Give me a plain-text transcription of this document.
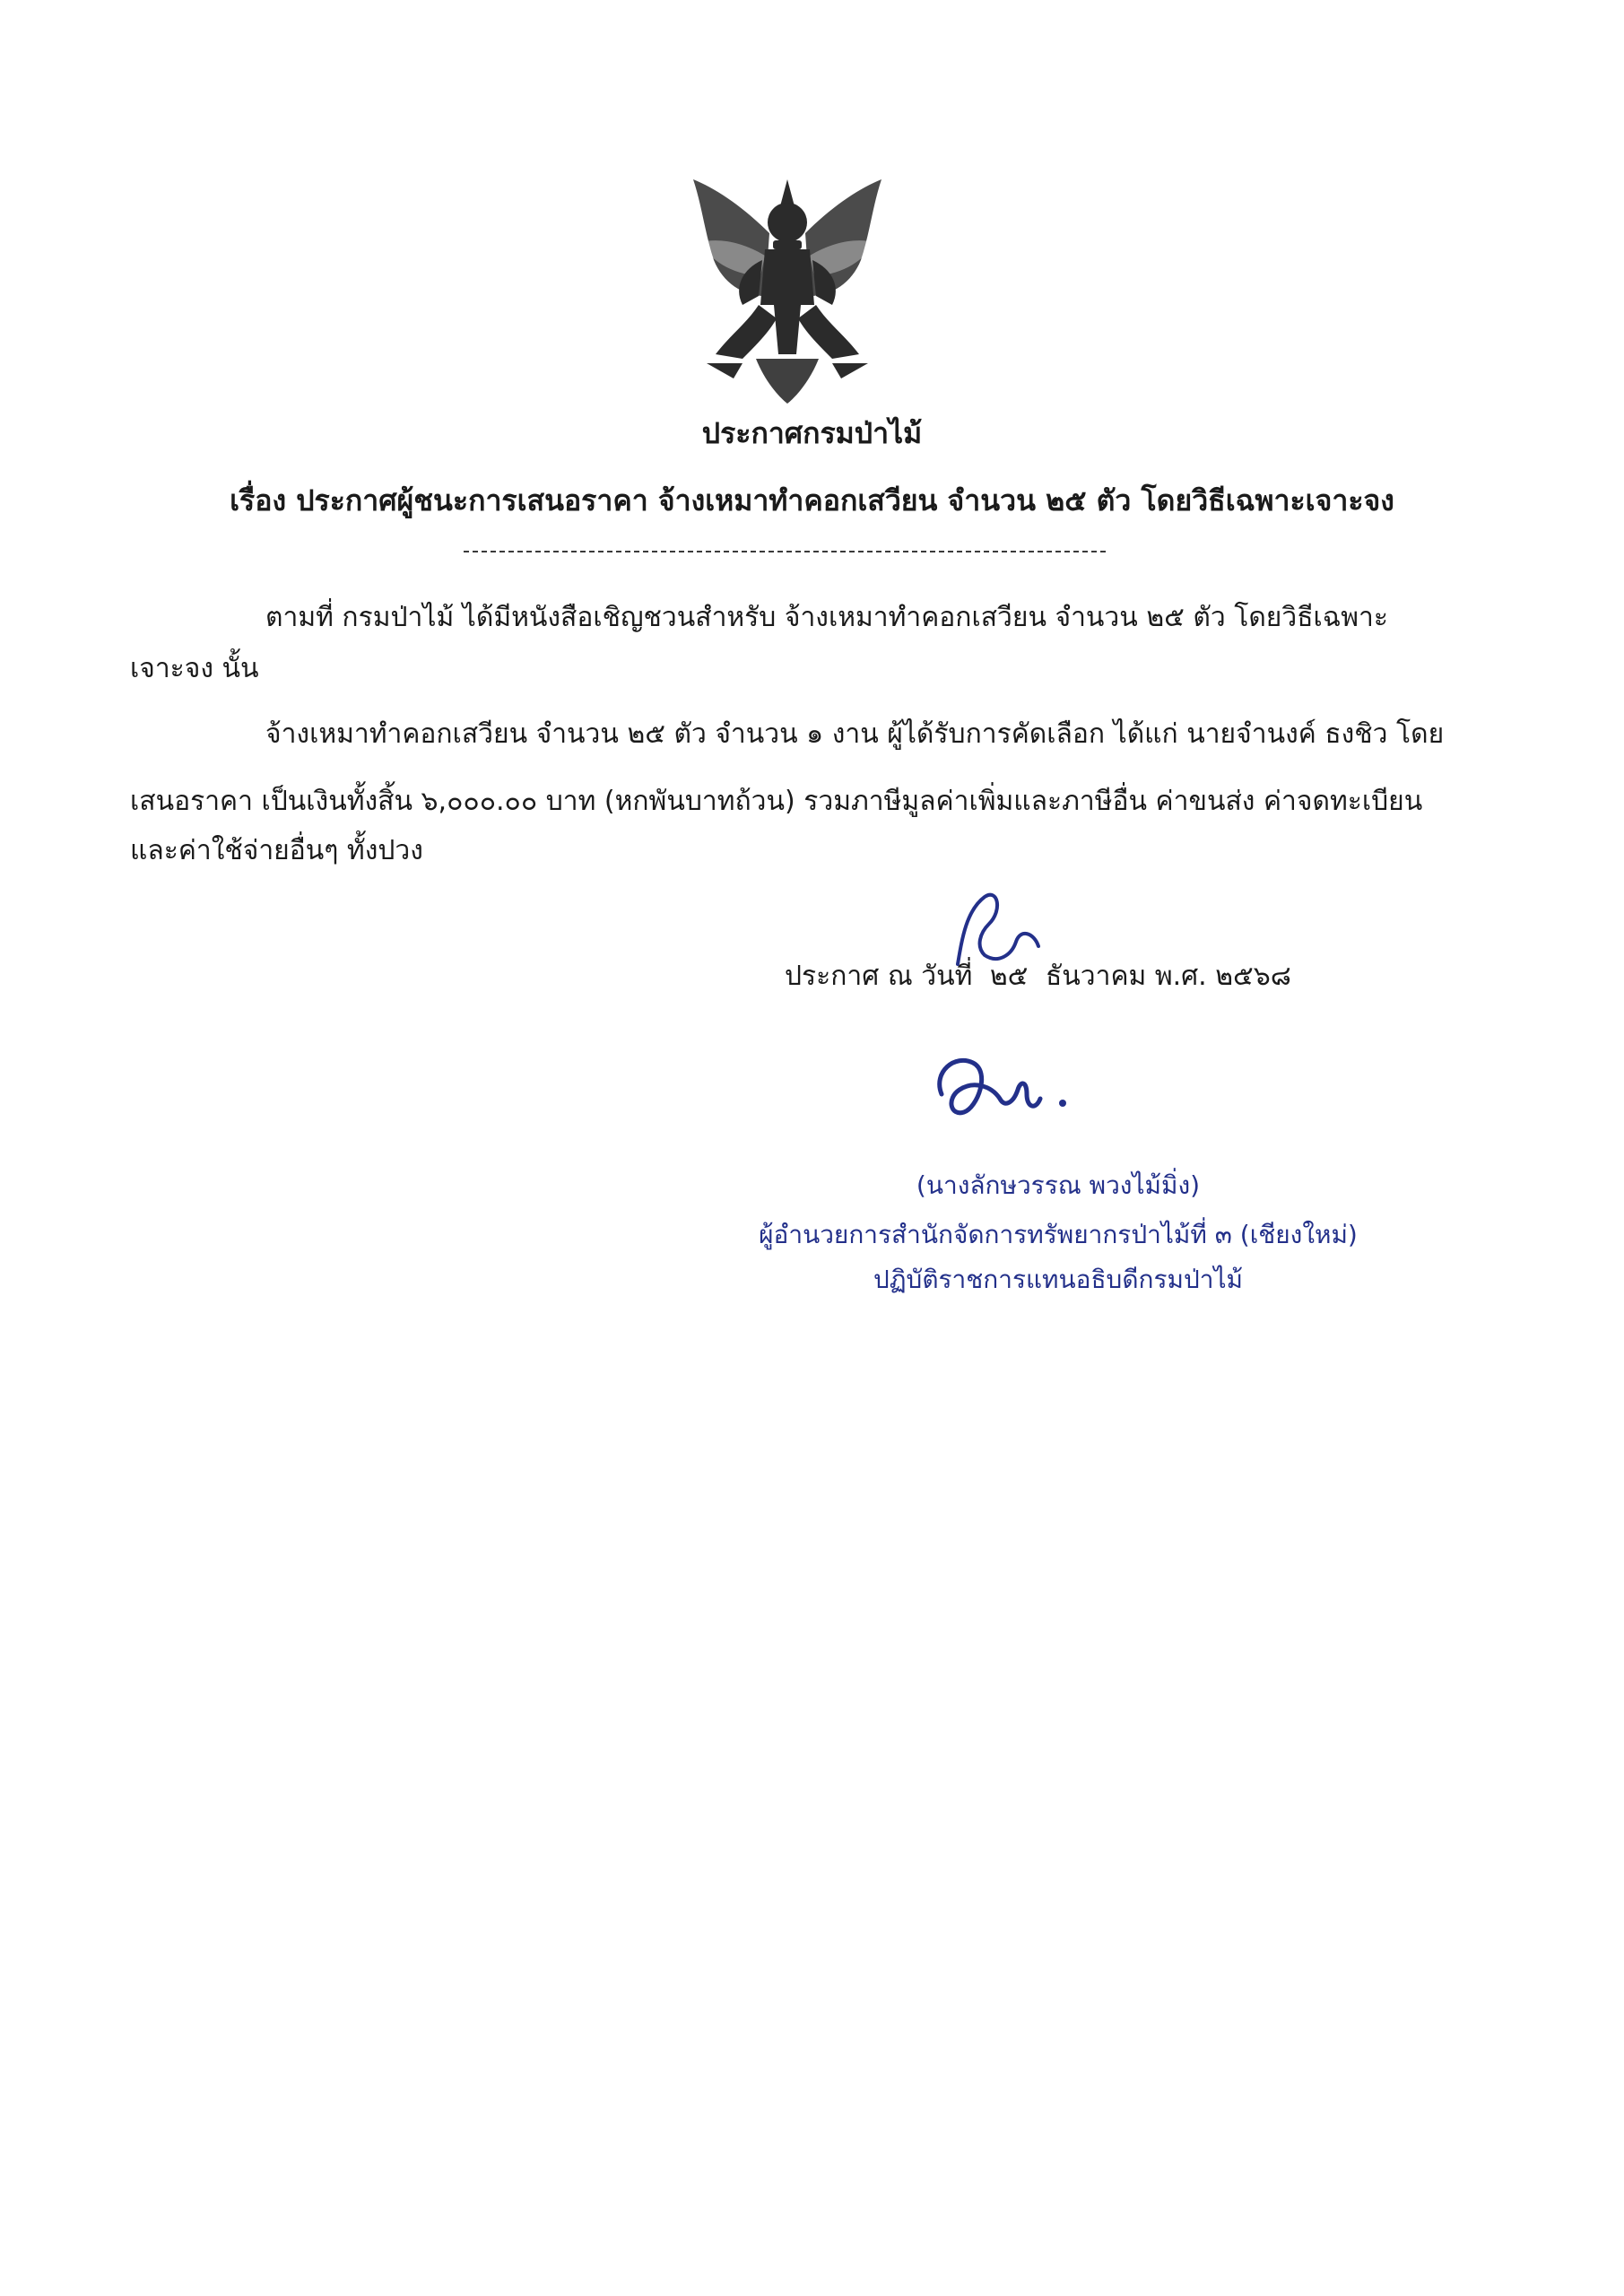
ประกาศกรมป่าไม้
เรื่อง ประกาศผู้ชนะการเสนอราคา จ้างเหมาทำคอกเสวียน จำนวน ๒๕ ตัว โดยวิธีเฉพาะเจาะจง
ตามที่ กรมป่าไม้ ได้มีหนังสือเชิญชวนสำหรับ จ้างเหมาทำคอกเสวียน จำนวน ๒๕ ตัว โดยวิธีเฉพาะ
เจาะจง นั้น
จ้างเหมาทำคอกเสวียน จำนวน ๒๕ ตัว จำนวน ๑ งาน ผู้ได้รับการคัดเลือก ได้แก่ นายจำนงค์ ธงชิว โดย
เสนอราคา เป็นเงินทั้งสิ้น ๖,๐๐๐.๐๐ บาท (หกพันบาทถ้วน) รวมภาษีมูลค่าเพิ่มและภาษีอื่น ค่าขนส่ง ค่าจดทะเบียน
และค่าใช้จ่ายอื่นๆ ทั้งปวง
ประกาศ ณ วันที่ ๒๕ ธันวาคม พ.ศ. ๒๕๖๘
(นางลักษวรรณ พวงไม้มิ่ง)
ผู้อำนวยการสำนักจัดการทรัพยากรป่าไม้ที่ ๓ (เชียงใหม่)
ปฏิบัติราชการแทนอธิบดีกรมป่าไม้
